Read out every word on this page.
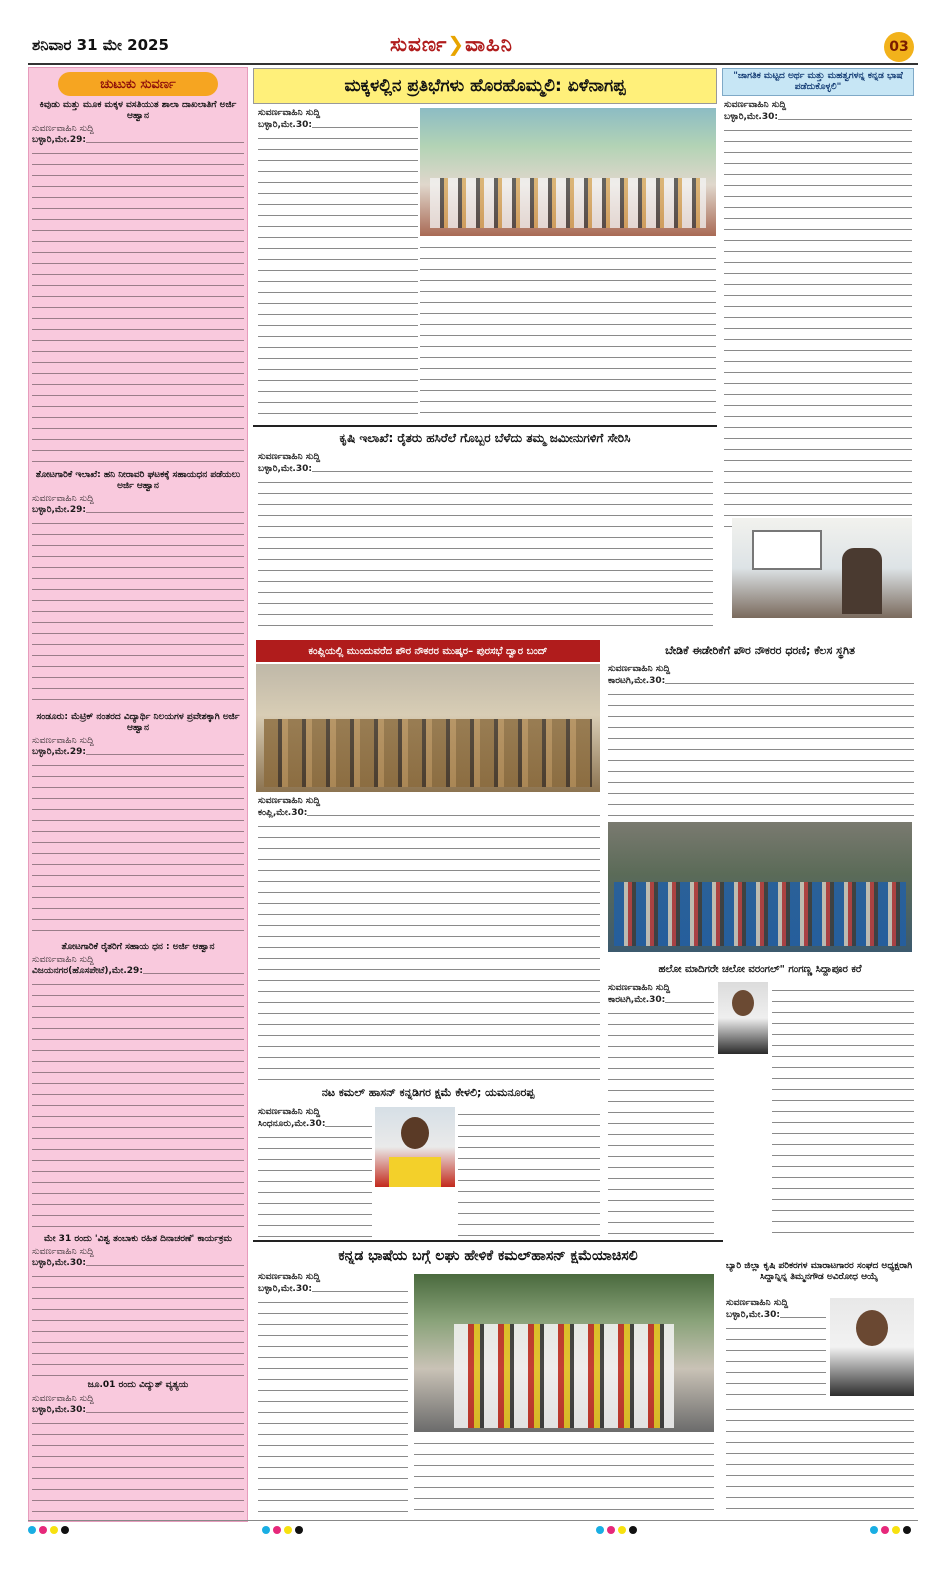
ಶನಿವಾರ 31 ಮೇ 2025	ಸುವರ್ಣ❯ವಾಹಿನಿ	03
ಚುಟುಕು ಸುವರ್ಣ
ಕಿವುಡು ಮತ್ತು ಮೂಕ ಮಕ್ಕಳ ವಸತಿಯುತ ಶಾಲಾ ದಾಖಲಾತಿಗೆ ಅರ್ಜಿ ಆಹ್ವಾನ
ಸುವರ್ಣವಾಹಿನಿ ಸುದ್ದಿ
ಬಳ್ಳಾರಿ,ಮೇ.29:
ತೋಟಗಾರಿಕೆ ಇಲಾಖೆ: ಹನಿ ನೀರಾವರಿ ಘಟಕಕ್ಕೆ ಸಹಾಯಧನ ಪಡೆಯಲು ಅರ್ಜಿ ಆಹ್ವಾನ
ಸುವರ್ಣವಾಹಿನಿ ಸುದ್ದಿ
ಬಳ್ಳಾರಿ,ಮೇ.29:
ಸಂಡೂರು: ಮೆಟ್ರಿಕ್ ನಂತರದ ವಿದ್ಯಾರ್ಥಿ ನಿಲಯಗಳ ಪ್ರವೇಶಕ್ಕಾಗಿ ಅರ್ಜಿ ಆಹ್ವಾನ
ಸುವರ್ಣವಾಹಿನಿ ಸುದ್ದಿ
ಬಳ್ಳಾರಿ,ಮೇ.29:
ತೋಟಗಾರಿಕೆ ರೈತರಿಗೆ ಸಹಾಯ ಧನ : ಅರ್ಜಿ ಆಹ್ವಾನ
ಸುವರ್ಣವಾಹಿನಿ ಸುದ್ದಿ
ವಿಜಯನಗರ(ಹೊಸಪೇಟೆ),ಮೇ.29:
ಮೇ 31 ರಂದು 'ವಿಶ್ವ ತಂಬಾಕು ರಹಿತ ದಿನಾಚರಣೆ' ಕಾರ್ಯಕ್ರಮ
ಸುವರ್ಣವಾಹಿನಿ ಸುದ್ದಿ
ಬಳ್ಳಾರಿ,ಮೇ.30:
ಜೂ.01 ರಂದು ವಿದ್ಯುತ್ ವ್ಯತ್ಯಯ
ಸುವರ್ಣವಾಹಿನಿ ಸುದ್ದಿ
ಬಳ್ಳಾರಿ,ಮೇ.30:
ಮಕ್ಕಳಲ್ಲಿನ ಪ್ರತಿಭೆಗಳು ಹೊರಹೊಮ್ಮಲಿ: ಏಳೆನಾಗಪ್ಪ
ಸುವರ್ಣವಾಹಿನಿ ಸುದ್ದಿ
ಬಳ್ಳಾರಿ,ಮೇ.30:
"ಜಾಗತಿಕ ಮಟ್ಟದ ಅರ್ಥ ಮತ್ತು ಮಹತ್ವಗಳನ್ನ ಕನ್ನಡ ಭಾಷೆ ಪಡೆದುಕೊಳ್ಳಲಿ"
ಸುವರ್ಣವಾಹಿನಿ ಸುದ್ದಿ
ಬಳ್ಳಾರಿ,ಮೇ.30:
ಕೃಷಿ ಇಲಾಖೆ: ರೈತರು ಹಸಿರೆಲೆ ಗೊಬ್ಬರ ಬೆಳೆದು ತಮ್ಮ ಜಮೀನುಗಳಿಗೆ ಸೇರಿಸಿ
ಸುವರ್ಣವಾಹಿನಿ ಸುದ್ದಿ
ಬಳ್ಳಾರಿ,ಮೇ.30:
ಕಂಪ್ಲಿಯಲ್ಲಿ ಮುಂದುವರೆದ ಪೌರ ನೌಕರರ ಮುಷ್ಕರ– ಪುರಸಭೆ ದ್ವಾರ ಬಂದ್
ಸುವರ್ಣವಾಹಿನಿ ಸುದ್ದಿ
ಕಂಪ್ಲಿ,ಮೇ.30:
ಬೇಡಿಕೆ ಈಡೇರಿಕೆಗೆ ಪೌರ ನೌಕರರ ಧರಣಿ; ಕೆಲಸ ಸ್ಥಗಿತ
ಸುವರ್ಣವಾಹಿನಿ ಸುದ್ದಿ
ಕಾರಟಗಿ,ಮೇ.30:
ಹಲೋ ಮಾದಿಗರೇ ಚಲೋ ವರಂಗಲ್" ಗಂಗಣ್ಣ ಸಿದ್ದಾಪೂರ ಕರೆ
ಸುವರ್ಣವಾಹಿನಿ ಸುದ್ದಿ
ಕಾರಟಗಿ,ಮೇ.30:
ನಟ ಕಮಲ್ ಹಾಸನ್ ಕನ್ನಡಿಗರ ಕ್ಷಮೆ ಕೇಳಲಿ; ಯಮನೂರಪ್ಪ
ಸುವರ್ಣವಾಹಿನಿ ಸುದ್ದಿ
ಸಿಂಧನೂರು,ಮೇ.30:
ಕನ್ನಡ ಭಾಷೆಯ ಬಗ್ಗೆ ಲಘು ಹೇಳಿಕೆ ಕಮಲ್‌ಹಾಸನ್ ಕ್ಷಮೆಯಾಚಿಸಲಿ
ಸುವರ್ಣವಾಹಿನಿ ಸುದ್ದಿ
ಬಳ್ಳಾರಿ,ಮೇ.30:
ಬ್ಯಾರಿ ಜಿಲ್ಲಾ ಕೃಷಿ ಪರಿಕರಗಳ ಮಾರಾಟಗಾರರ ಸಂಘದ ಅಧ್ಯಕ್ಷರಾಗಿ ಸಿದ್ದಾನ್ನಿನ್ನ ತಿಮ್ಮನಗೌಡ ಅವಿರೋಧ ಆಯ್ಕೆ
ಸುವರ್ಣವಾಹಿನಿ ಸುದ್ದಿ
ಬಳ್ಳಾರಿ,ಮೇ.30:
